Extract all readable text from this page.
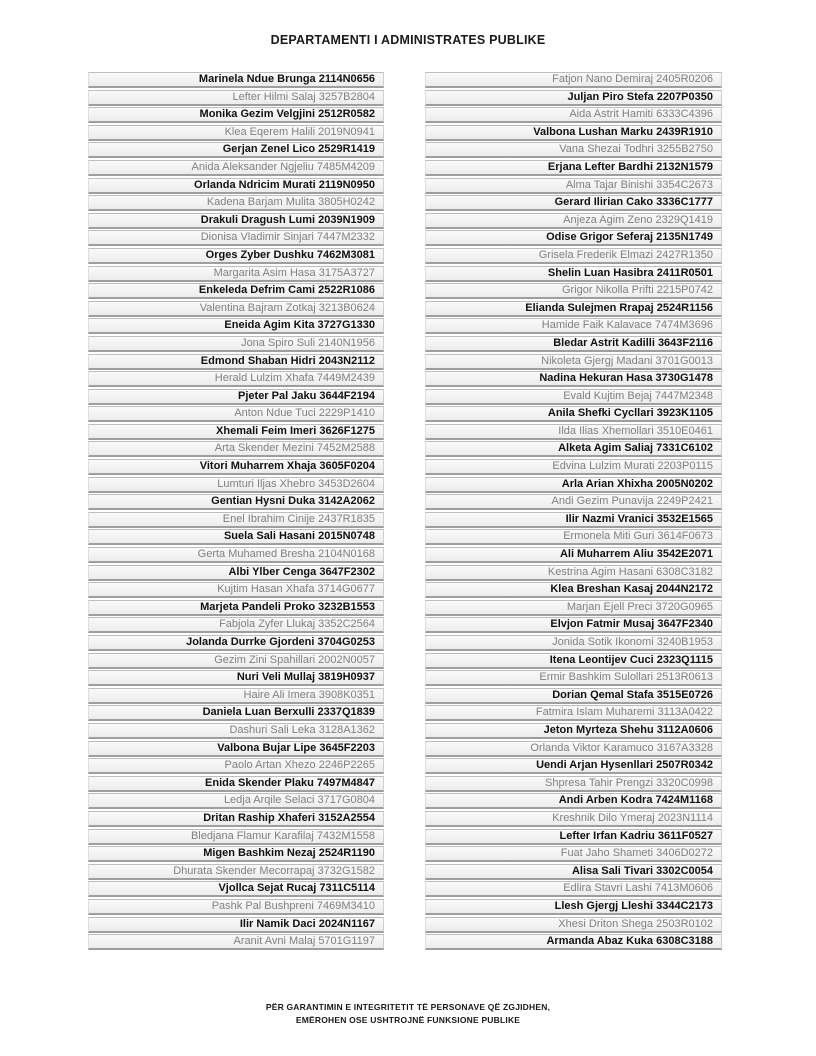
DEPARTAMENTI I ADMINISTRATES PUBLIKE
Marinela Ndue Brunga 2114N0656
Lefter Hilmi Salaj 3257B2804
Monika Gezim Velgjini 2512R0582
Klea Eqerem Halili 2019N0941
Gerjan Zenel Lico 2529R1419
Anida Aleksander Ngjeliu 7485M4209
Orlanda Ndricim Murati 2119N0950
Kadena Barjam Mulita 3805H0242
Drakuli Dragush Lumi 2039N1909
Dionisa Vladimir Sinjari 7447M2332
Orges Zyber Dushku 7462M3081
Margarita Asim Hasa 3175A3727
Enkeleda Defrim Cami 2522R1086
Valentina Bajram Zotkaj 3213B0624
Eneida Agim Kita 3727G1330
Jona Spiro Suli 2140N1956
Edmond Shaban Hidri 2043N2112
Herald Lulzim Xhafa 7449M2439
Pjeter Pal Jaku 3644F2194
Anton Ndue Tuci 2229P1410
Xhemali Feim Imeri 3626F1275
Arta Skender Mezini 7452M2588
Vitori Muharrem Xhaja 3605F0204
Lumturi Iljas Xhebro 3453D2604
Gentian Hysni Duka 3142A2062
Enel Ibrahim Cinije 2437R1835
Suela Sali Hasani 2015N0748
Gerta Muhamed Bresha 2104N0168
Albi Ylber Cenga 3647F2302
Kujtim Hasan Xhafa 3714G0677
Marjeta Pandeli Proko 3232B1553
Fabjola Zyfer Llukaj 3352C2564
Jolanda Durrke Gjordeni 3704G0253
Gezim Zini Spahillari 2002N0057
Nuri Veli Mullaj 3819H0937
Haire Ali Imera 3908K0351
Daniela Luan Berxulli 2337Q1839
Dashuri Sali Leka 3128A1362
Valbona Bujar Lipe 3645F2203
Paolo Artan Xhezo 2246P2265
Enida Skender Plaku 7497M4847
Ledja Arqile Selaci 3717G0804
Dritan Raship Xhaferi 3152A2554
Bledjana Flamur Karafilaj 7432M1558
Migen Bashkim Nezaj 2524R1190
Dhurata Skender Mecorrapaj 3732G1582
Vjollca Sejat Rucaj 7311C5114
Pashk Pal Bushpreni 7469M3410
Ilir Namik Daci 2024N1167
Aranit Avni Malaj 5701G1197
Fatjon Nano Demiraj 2405R0206
Juljan Piro Stefa 2207P0350
Aida Astrit Hamiti 6333C4396
Valbona Lushan Marku 2439R1910
Vana Shezai Todhri 3255B2750
Erjana Lefter Bardhi 2132N1579
Alma Tajar Binishi 3354C2673
Gerard Ilirian Cako 3336C1777
Anjeza Agim Zeno 2329Q1419
Odise Grigor Seferaj 2135N1749
Grisela Frederik Elmazi 2427R1350
Shelin Luan Hasibra 2411R0501
Grigor Nikolla Prifti 2215P0742
Elianda Sulejmen Rrapaj 2524R1156
Hamide Faik Kalavace 7474M3696
Bledar Astrit Kadilli 3643F2116
Nikoleta Gjergj Madani 3701G0013
Nadina Hekuran Hasa 3730G1478
Evald Kujtim Bejaj 7447M2348
Anila Shefki Cycllari 3923K1105
Ilda Ilias Xhemollari 3510E0461
Alketa Agim Saliaj 7331C6102
Edvina Lulzim Murati 2203P0115
Arla Arian Xhixha 2005N0202
Andi Gezim Punavija 2249P2421
Ilir Nazmi Vranici 3532E1565
Ermonela Miti Guri 3614F0673
Ali Muharrem Aliu 3542E2071
Kestrina Agim Hasani 6308C3182
Klea Breshan Kasaj 2044N2172
Marjan Ejell Preci 3720G0965
Elvjon Fatmir Musaj 3647F2340
Jonida Sotik Ikonomi 3240B1953
Itena Leontijev Cuci 2323Q1115
Ermir Bashkim Sulollari 2513R0613
Dorian Qemal Stafa 3515E0726
Fatmira Islam Muharemi 3113A0422
Jeton Myrteza Shehu 3112A0606
Orlanda Viktor Karamuco 3167A3328
Uendi Arjan Hysenllari 2507R0342
Shpresa Tahir Prengzi 3320C0998
Andi Arben Kodra 7424M1168
Kreshnik Dilo Ymeraj 2023N1114
Lefter Irfan Kadriu 3611F0527
Fuat Jaho Shameti 3406D0272
Alisa Sali Tivari 3302C0054
Edlira Stavri Lashi 7413M0606
Llesh Gjergj Lleshi 3344C2173
Xhesi Driton Shega 2503R0102
Armanda Abaz Kuka 6308C3188
PËR GARANTIMIN E INTEGRITETIT TË PERSONAVE QË ZGJIDHEN,
EMËROHEN OSE USHTROJNË FUNKSIONE PUBLIKE
